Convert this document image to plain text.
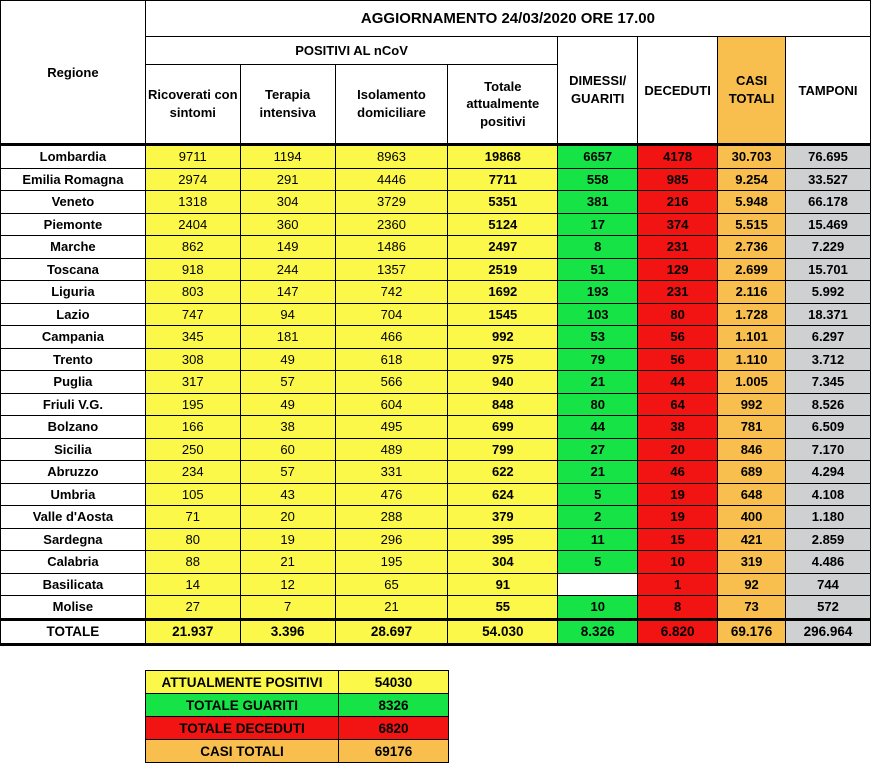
Regione	AGGIORNAMENTO 24/03/2020 ORE 17.00							
	POSITIVI AL nCoV				DIMESSI/ GUARITI	DECEDUTI	CASI TOTALI	TAMPONI
	Ricoverati con sintomi	Terapia intensiva	Isolamento domiciliare	Totale attualmente positivi				
Lombardia	9711	1194	8963	19868	6657	4178	30.703	76.695
Emilia Romagna	2974	291	4446	7711	558	985	9.254	33.527
Veneto	1318	304	3729	5351	381	216	5.948	66.178
Piemonte	2404	360	2360	5124	17	374	5.515	15.469
Marche	862	149	1486	2497	8	231	2.736	7.229
Toscana	918	244	1357	2519	51	129	2.699	15.701
Liguria	803	147	742	1692	193	231	2.116	5.992
Lazio	747	94	704	1545	103	80	1.728	18.371
Campania	345	181	466	992	53	56	1.101	6.297
Trento	308	49	618	975	79	56	1.110	3.712
Puglia	317	57	566	940	21	44	1.005	7.345
Friuli V.G.	195	49	604	848	80	64	992	8.526
Bolzano	166	38	495	699	44	38	781	6.509
Sicilia	250	60	489	799	27	20	846	7.170
Abruzzo	234	57	331	622	21	46	689	4.294
Umbria	105	43	476	624	5	19	648	4.108
Valle d'Aosta	71	20	288	379	2	19	400	1.180
Sardegna	80	19	296	395	11	15	421	2.859
Calabria	88	21	195	304	5	10	319	4.486
Basilicata	14	12	65	91		1	92	744
Molise	27	7	21	55	10	8	73	572
TOTALE	21.937	3.396	28.697	54.030	8.326	6.820	69.176	296.964
ATTUALMENTE POSITIVI	54030
TOTALE GUARITI	8326
TOTALE DECEDUTI	6820
CASI TOTALI	69176
